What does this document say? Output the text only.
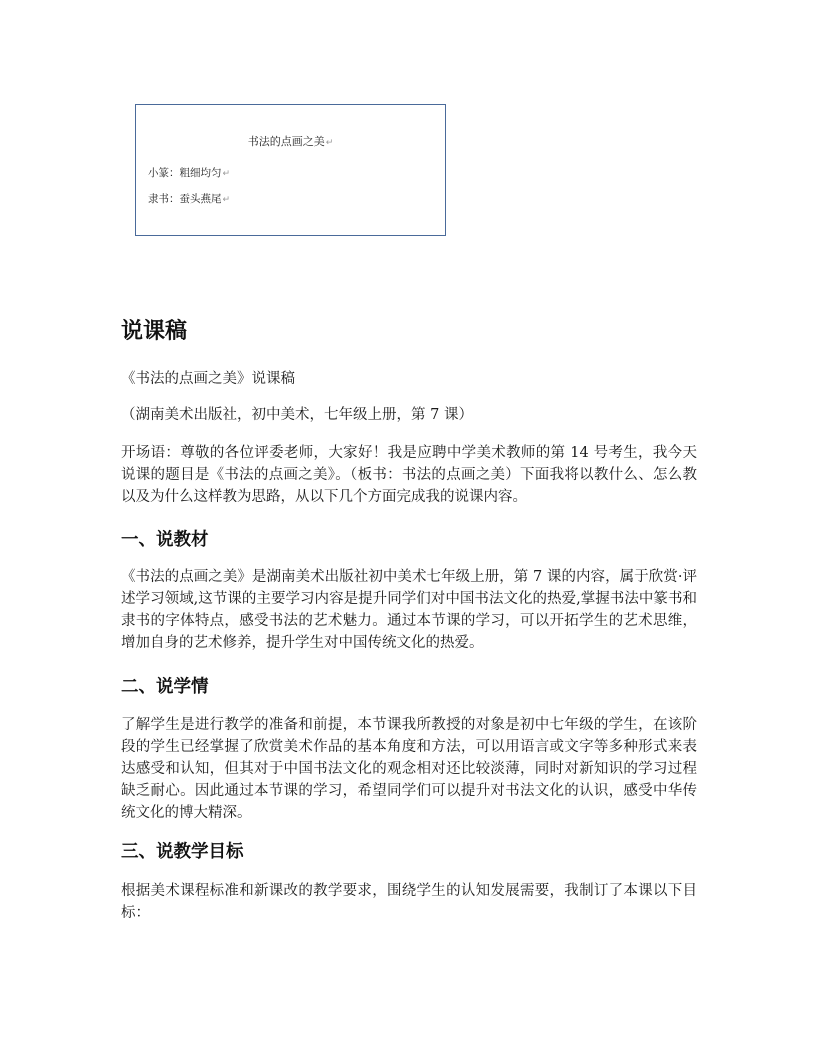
书法的点画之美↵
小篆：粗细均匀↵
隶书：蚕头燕尾↵
说课稿

《书法的点画之美》说课稿

（湖南美术出版社，初中美术，七年级上册，第 7 课）

开场语：尊敬的各位评委老师，大家好！我是应聘中学美术教师的第 14 号考生，我今天说课的题目是《书法的点画之美》。（板书：书法的点画之美）下面我将以教什么、怎么教以及为什么这样教为思路，从以下几个方面完成我的说课内容。

一、说教材

《书法的点画之美》是湖南美术出版社初中美术七年级上册，第 7 课的内容，属于欣赏·评述学习领域,这节课的主要学习内容是提升同学们对中国书法文化的热爱,掌握书法中篆书和隶书的字体特点，感受书法的艺术魅力。通过本节课的学习，可以开拓学生的艺术思维，增加自身的艺术修养，提升学生对中国传统文化的热爱。

二、说学情

了解学生是进行教学的准备和前提，本节课我所教授的对象是初中七年级的学生，在该阶段的学生已经掌握了欣赏美术作品的基本角度和方法，可以用语言或文字等多种形式来表达感受和认知，但其对于中国书法文化的观念相对还比较淡薄，同时对新知识的学习过程缺乏耐心。因此通过本节课的学习，希望同学们可以提升对书法文化的认识，感受中华传统文化的博大精深。

三、说教学目标

根据美术课程标准和新课改的教学要求，围绕学生的认知发展需要，我制订了本课以下目标：
